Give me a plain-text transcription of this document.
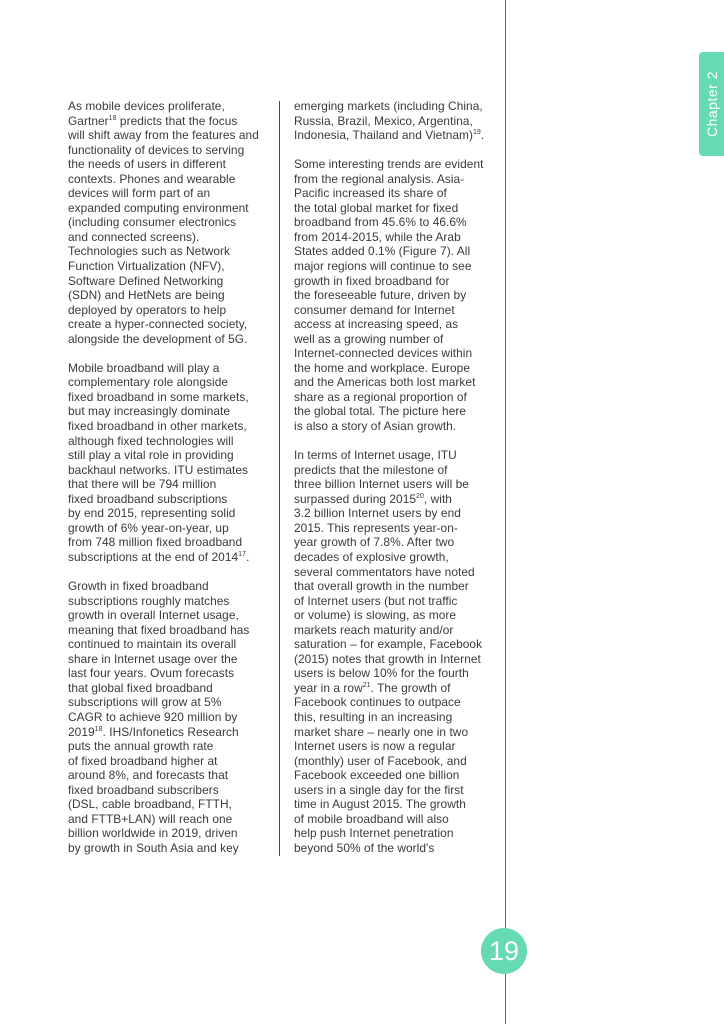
Chapter 2

As mobile devices proliferate,
Gartner$^{18}$ predicts that the focus
will shift away from the features and
functionality of devices to serving
the needs of users in different
contexts. Phones and wearable
devices will form part of an
expanded computing environment
(including consumer electronics
and connected screens).
Technologies such as Network
Function Virtualization (NFV),
Software Defined Networking
(SDN) and HetNets are being
deployed by operators to help
create a hyper-connected society,
alongside the development of 5G.

Mobile broadband will play a
complementary role alongside
fixed broadband in some markets,
but may increasingly dominate
fixed broadband in other markets,
although fixed technologies will
still play a vital role in providing
backhaul networks. ITU estimates
that there will be 794 million
fixed broadband subscriptions
by end 2015, representing solid
growth of 6% year-on-year, up
from 748 million fixed broadband
subscriptions at the end of 2014$^{17}$.

Growth in fixed broadband
subscriptions roughly matches
growth in overall Internet usage,
meaning that fixed broadband has
continued to maintain its overall
share in Internet usage over the
last four years. Ovum forecasts
that global fixed broadband
subscriptions will grow at 5%
CAGR to achieve 920 million by
2019$^{18}$. IHS/Infonetics Research
puts the annual growth rate
of fixed broadband higher at
around 8%, and forecasts that
fixed broadband subscribers
(DSL, cable broadband, FTTH,
and FTTB+LAN) will reach one
billion worldwide in 2019, driven
by growth in South Asia and key

emerging markets (including China,
Russia, Brazil, Mexico, Argentina,
Indonesia, Thailand and Vietnam)$^{19}$.

Some interesting trends are evident
from the regional analysis. Asia-
Pacific increased its share of
the total global market for fixed
broadband from 45.6% to 46.6%
from 2014-2015, while the Arab
States added 0.1% (Figure 7). All
major regions will continue to see
growth in fixed broadband for
the foreseeable future, driven by
consumer demand for Internet
access at increasing speed, as
well as a growing number of
Internet-connected devices within
the home and workplace. Europe
and the Americas both lost market
share as a regional proportion of
the global total. The picture here
is also a story of Asian growth.

In terms of Internet usage, ITU
predicts that the milestone of
three billion Internet users will be
surpassed during 2015$^{20}$, with
3.2 billion Internet users by end
2015. This represents year-on-
year growth of 7.8%. After two
decades of explosive growth,
several commentators have noted
that overall growth in the number
of Internet users (but not traffic
or volume) is slowing, as more
markets reach maturity and/or
saturation – for example, Facebook
(2015) notes that growth in Internet
users is below 10% for the fourth
year in a row$^{21}$. The growth of
Facebook continues to outpace
this, resulting in an increasing
market share – nearly one in two
Internet users is now a regular
(monthly) user of Facebook, and
Facebook exceeded one billion
users in a single day for the first
time in August 2015. The growth
of mobile broadband will also
help push Internet penetration
beyond 50% of the world's

19
